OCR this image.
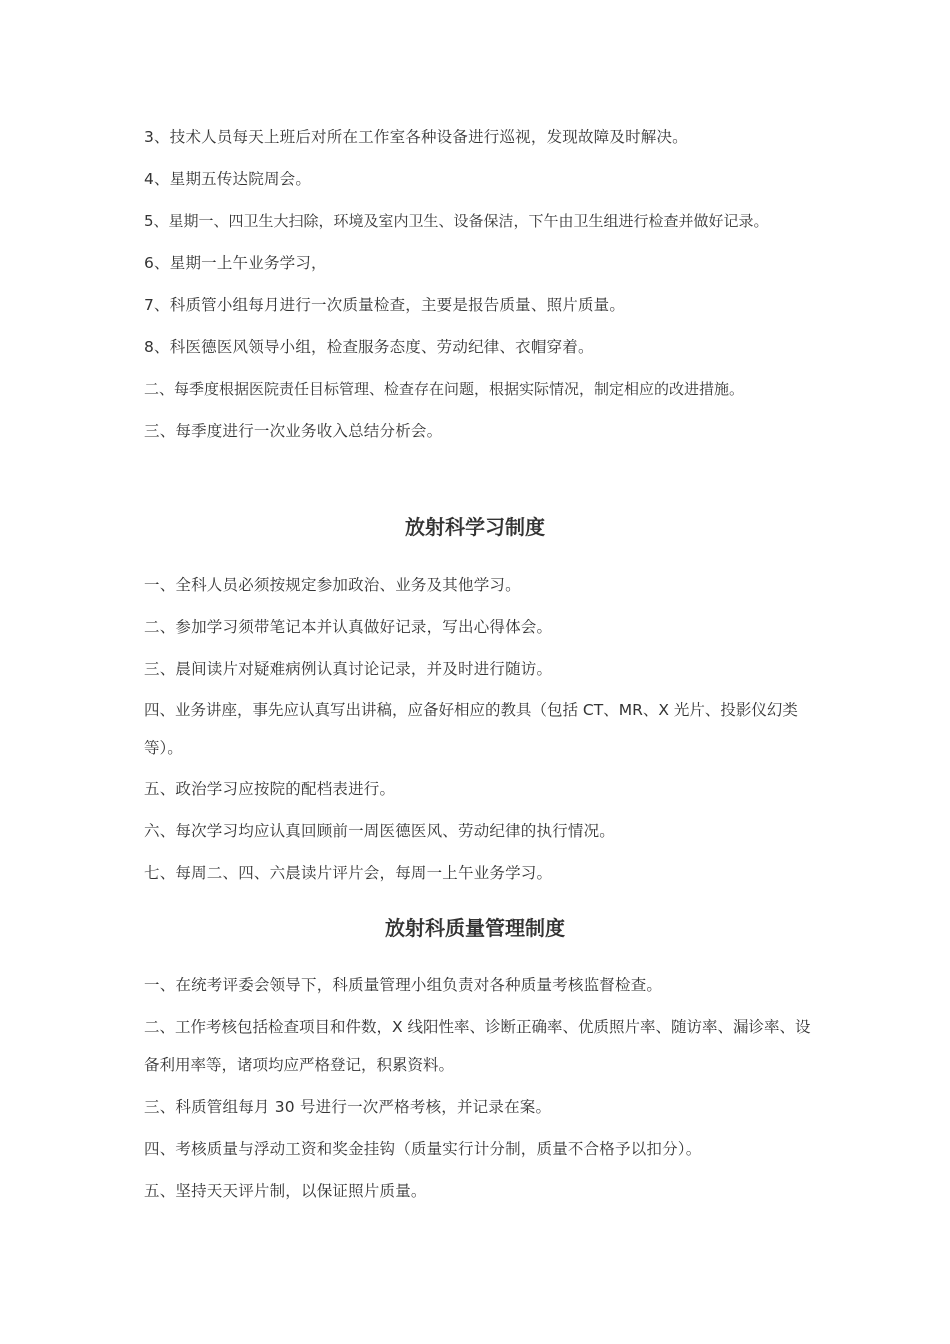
3、技术人员每天上班后对所在工作室各种设备进行巡视，发现故障及时解决。
4、星期五传达院周会。
5、星期一、四卫生大扫除，环境及室内卫生、设备保洁，下午由卫生组进行检查并做好记录。
6、星期一上午业务学习，
7、科质管小组每月进行一次质量检查，主要是报告质量、照片质量。
8、科医德医风领导小组，检查服务态度、劳动纪律、衣帽穿着。
二、每季度根据医院责任目标管理、检查存在问题，根据实际情况，制定相应的改进措施。
三、每季度进行一次业务收入总结分析会。
放射科学习制度
一、全科人员必须按规定参加政治、业务及其他学习。
二、参加学习须带笔记本并认真做好记录，写出心得体会。
三、晨间读片对疑难病例认真讨论记录，并及时进行随访。
四、业务讲座，事先应认真写出讲稿，应备好相应的教具（包括 CT、MR、X 光片、投影仪幻类等）。
五、政治学习应按院的配档表进行。
六、每次学习均应认真回顾前一周医德医风、劳动纪律的执行情况。
七、每周二、四、六晨读片评片会，每周一上午业务学习。
放射科质量管理制度
一、在统考评委会领导下，科质量管理小组负责对各种质量考核监督检查。
二、工作考核包括检查项目和件数，X 线阳性率、诊断正确率、优质照片率、随访率、漏诊率、设备利用率等，诸项均应严格登记，积累资料。
三、科质管组每月 30 号进行一次严格考核，并记录在案。
四、考核质量与浮动工资和奖金挂钩（质量实行计分制，质量不合格予以扣分）。
五、坚持天天评片制，以保证照片质量。
